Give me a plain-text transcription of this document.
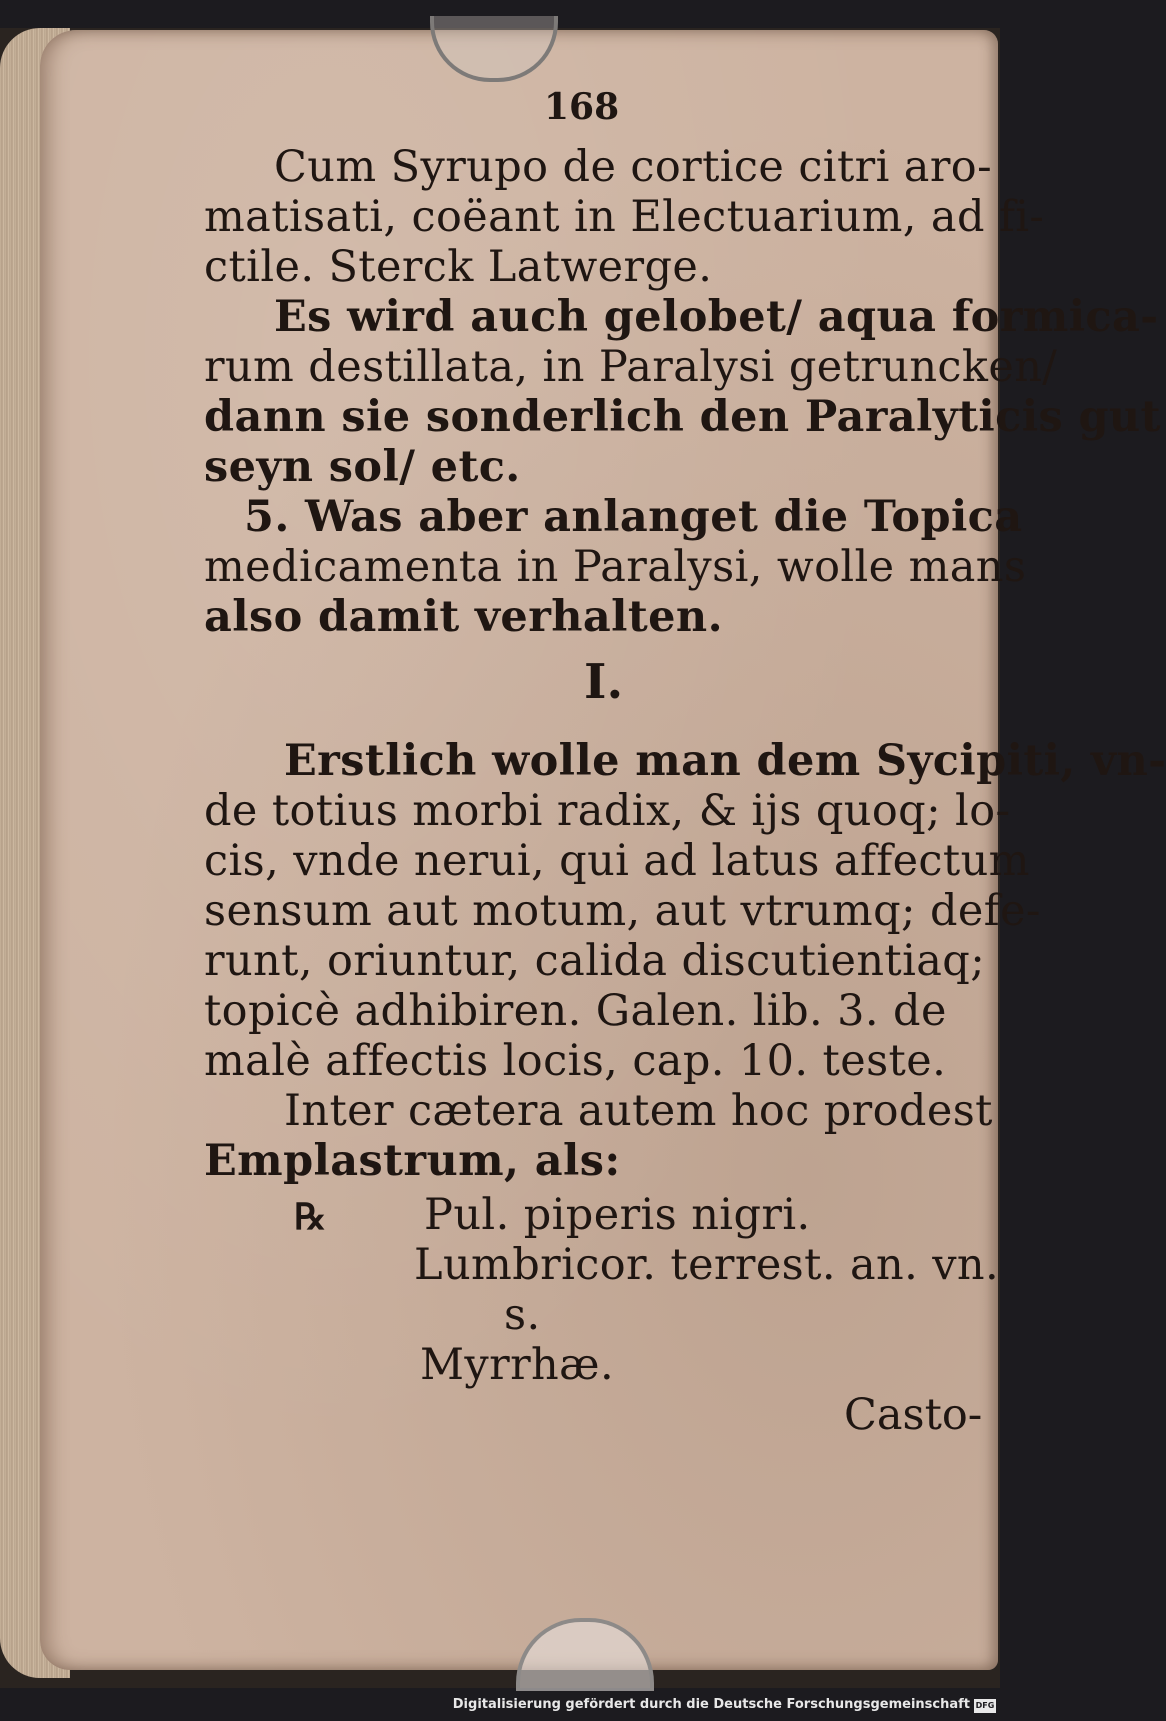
168
Cum Syrupo de cortice citri aro-
matisati, coëant in Electuarium, ad fi-
ctile. Sterck Latwerge.
Es wird auch gelobet/ aqua formica-
rum destillata, in Paralysi getruncken/
dann sie sonderlich den Paralyticis gut
seyn sol/ etc.
5. Was aber anlanget die Topica
medicamenta in Paralysi, wolle mans
also damit verhalten.
I.
Erstlich wolle man dem Sycipiti, vn-
de totius morbi radix, & ijs quoq; lo-
cis, vnde nerui, qui ad latus affectum
sensum aut motum, aut vtrumq; defe-
runt, oriuntur, calida discutientiaq;
topicè adhibiren. Galen. lib. 3. de
malè affectis locis, cap. 10. teste.
Inter cætera autem hoc prodest
Emplastrum, als:
℞ Pul. piperis nigri.
Lumbricor. terrest. an. vn.
s.
Myrrhæ.
Casto-
Digitalisierung gefördert durch die Deutsche Forschungsgemeinschaft DFG
